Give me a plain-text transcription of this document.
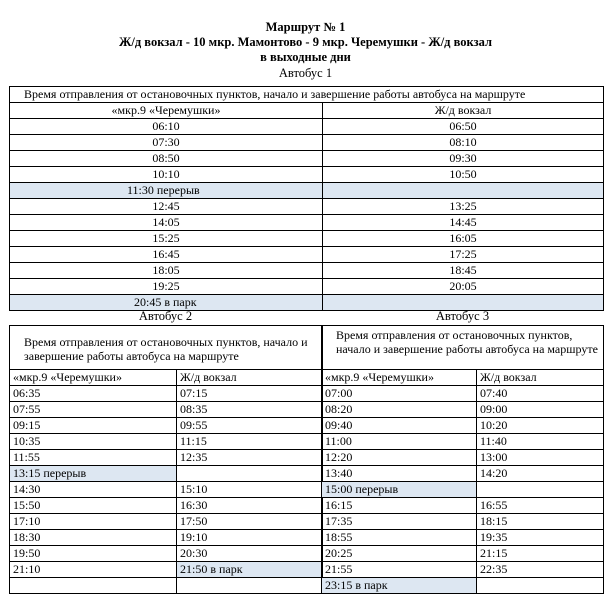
Маршрут № 1
Ж/д вокзал - 10 мкр. Мамонтово - 9 мкр. Черемушки - Ж/д вокзал
в выходные дни
Автобус 1
Время отправления от остановочных пунктов, начало и завершение работы автобуса на маршруте	
«мкр.9 «Черемушки»	Ж/д вокзал
06:10	06:50
07:30	08:10
08:50	09:30
10:10	10:50
11:30 перерыв	
12:45	13:25
14:05	14:45
15:25	16:05
16:45	17:25
18:05	18:45
19:25	20:05
20:45 в парк	
Автобус 2	Автобус 3
Время отправления от остановочных пунктов, начало и завершение работы автобуса на маршруте	
«мкр.9 «Черемушки»	Ж/д вокзал
06:35	07:15
07:55	08:35
09:15	09:55
10:35	11:15
11:55	12:35
13:15 перерыв	
14:30	15:10
15:50	16:30
17:10	17:50
18:30	19:10
19:50	20:30
21:10	21:50 в парк

Время отправления от остановочных пунктов, начало и завершение работы автобуса на маршруте	
«мкр.9 «Черемушки»	Ж/д вокзал
07:00	07:40
08:20	09:00
09:40	10:20
11:00	11:40
12:20	13:00
13:40	14:20
15:00 перерыв	
16:15	16:55
17:35	18:15
18:55	19:35
20:25	21:15
21:55	22:35
23:15 в парк	
